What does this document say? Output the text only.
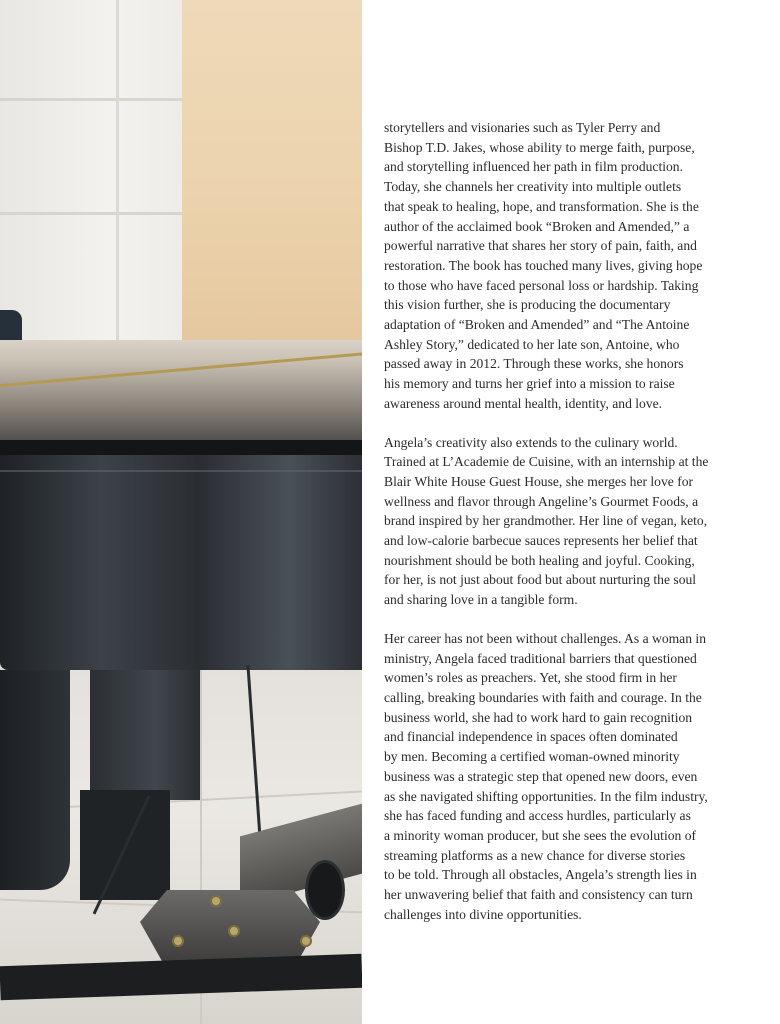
storytellers and visionaries such as Tyler Perry and
Bishop T.D. Jakes, whose ability to merge faith, purpose,
and storytelling influenced her path in film production.
Today, she channels her creativity into multiple outlets
that speak to healing, hope, and transformation. She is the
author of the acclaimed book “Broken and Amended,” a
powerful narrative that shares her story of pain, faith, and
restoration. The book has touched many lives, giving hope
to those who have faced personal loss or hardship. Taking
this vision further, she is producing the documentary
adaptation of “Broken and Amended” and “The Antoine
Ashley Story,” dedicated to her late son, Antoine, who
passed away in 2012. Through these works, she honors
his memory and turns her grief into a mission to raise
awareness around mental health, identity, and love.

Angela’s creativity also extends to the culinary world.
Trained at L’Academie de Cuisine, with an internship at the
Blair White House Guest House, she merges her love for
wellness and flavor through Angeline’s Gourmet Foods, a
brand inspired by her grandmother. Her line of vegan, keto,
and low-calorie barbecue sauces represents her belief that
nourishment should be both healing and joyful. Cooking,
for her, is not just about food but about nurturing the soul
and sharing love in a tangible form.

Her career has not been without challenges. As a woman in
ministry, Angela faced traditional barriers that questioned
women’s roles as preachers. Yet, she stood firm in her
calling, breaking boundaries with faith and courage. In the
business world, she had to work hard to gain recognition
and financial independence in spaces often dominated
by men. Becoming a certified woman-owned minority
business was a strategic step that opened new doors, even
as she navigated shifting opportunities. In the film industry,
she has faced funding and access hurdles, particularly as
a minority woman producer, but she sees the evolution of
streaming platforms as a new chance for diverse stories
to be told. Through all obstacles, Angela’s strength lies in
her unwavering belief that faith and consistency can turn
challenges into divine opportunities.
